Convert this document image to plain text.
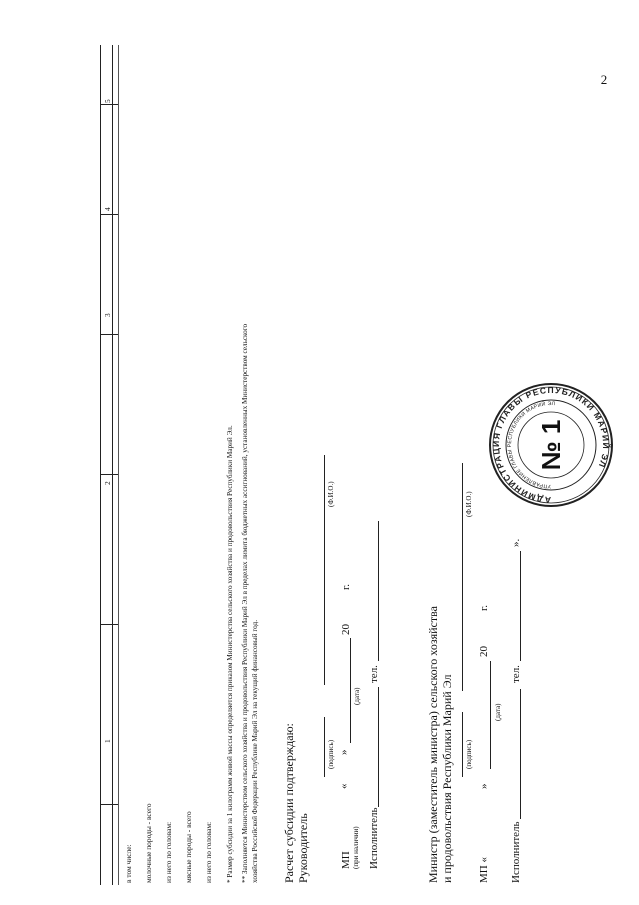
2
1
2
3
4
5
в том числе: молочные породы - всего из него по головам: мясные породы - всего из него по головам: * Размер субсидии за 1 килограмм живой массы определяется приказом Министерства сельского хозяйства и продовольствия Республики Марий Эл. ** Заполняется Министерством сельского хозяйства и продовольствия Республики Марий Эл в пределах лимита бюджетных ассигнований, установленных Министерством сельского хозяйства Российской Федерации Республике Марий Эл на текущий финансовый год. Расчет субсидии подтверждаю: Руководитель
(подпись)
(Ф.И.О.)
МП
«
»
20
г.
(при наличии)
(дата)
Исполнитель
тел.	Министр (заместитель министра) сельского хозяйства и продовольствия Республики Марий Эл (подпись)
(Ф.И.О.)
МП «
»
20
г.
(дата)
Исполнитель
тел.
».
АДМИНИСТРАЦИЯ ГЛАВЫ РЕСПУБЛИКИ МАРИЙ ЭЛ
УПРАВЛЕНИЕ ГЛАВЫ РЕСПУБЛИКИ МАРИЙ ЭЛ
№ 1
